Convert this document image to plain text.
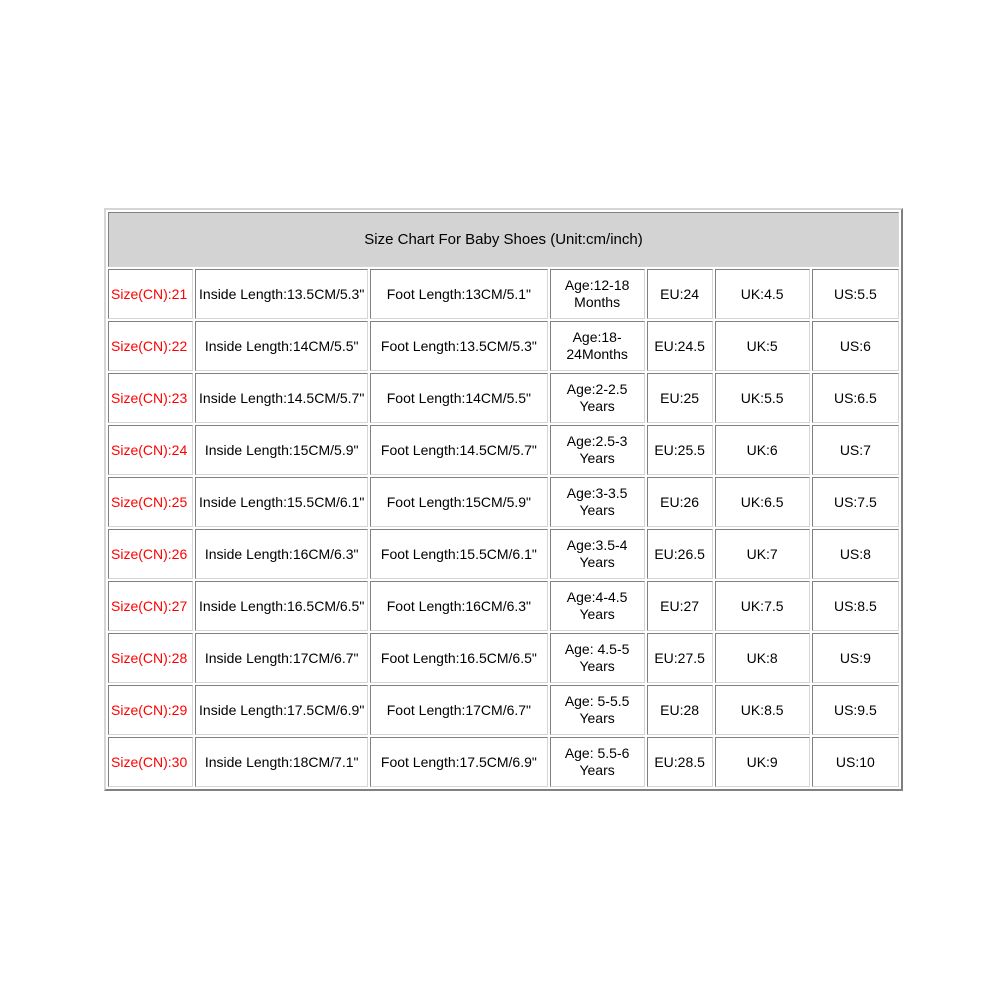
Size Chart For Baby Shoes (Unit:cm/inch)						
Size(CN):21	Inside Length:13.5CM/5.3"	Foot Length:13CM/5.1"	Age:12-18 Months	EU:24	UK:4.5	US:5.5
Size(CN):22	Inside Length:14CM/5.5"	Foot Length:13.5CM/5.3"	Age:18-24Months	EU:24.5	UK:5	US:6
Size(CN):23	Inside Length:14.5CM/5.7"	Foot Length:14CM/5.5"	Age:2-2.5 Years	EU:25	UK:5.5	US:6.5
Size(CN):24	Inside Length:15CM/5.9"	Foot Length:14.5CM/5.7"	Age:2.5-3 Years	EU:25.5	UK:6	US:7
Size(CN):25	Inside Length:15.5CM/6.1"	Foot Length:15CM/5.9"	Age:3-3.5 Years	EU:26	UK:6.5	US:7.5
Size(CN):26	Inside Length:16CM/6.3"	Foot Length:15.5CM/6.1"	Age:3.5-4 Years	EU:26.5	UK:7	US:8
Size(CN):27	Inside Length:16.5CM/6.5"	Foot Length:16CM/6.3"	Age:4-4.5 Years	EU:27	UK:7.5	US:8.5
Size(CN):28	Inside Length:17CM/6.7"	Foot Length:16.5CM/6.5"	Age: 4.5-5 Years	EU:27.5	UK:8	US:9
Size(CN):29	Inside Length:17.5CM/6.9"	Foot Length:17CM/6.7"	Age: 5-5.5 Years	EU:28	UK:8.5	US:9.5
Size(CN):30	Inside Length:18CM/7.1"	Foot Length:17.5CM/6.9"	Age: 5.5-6 Years	EU:28.5	UK:9	US:10
